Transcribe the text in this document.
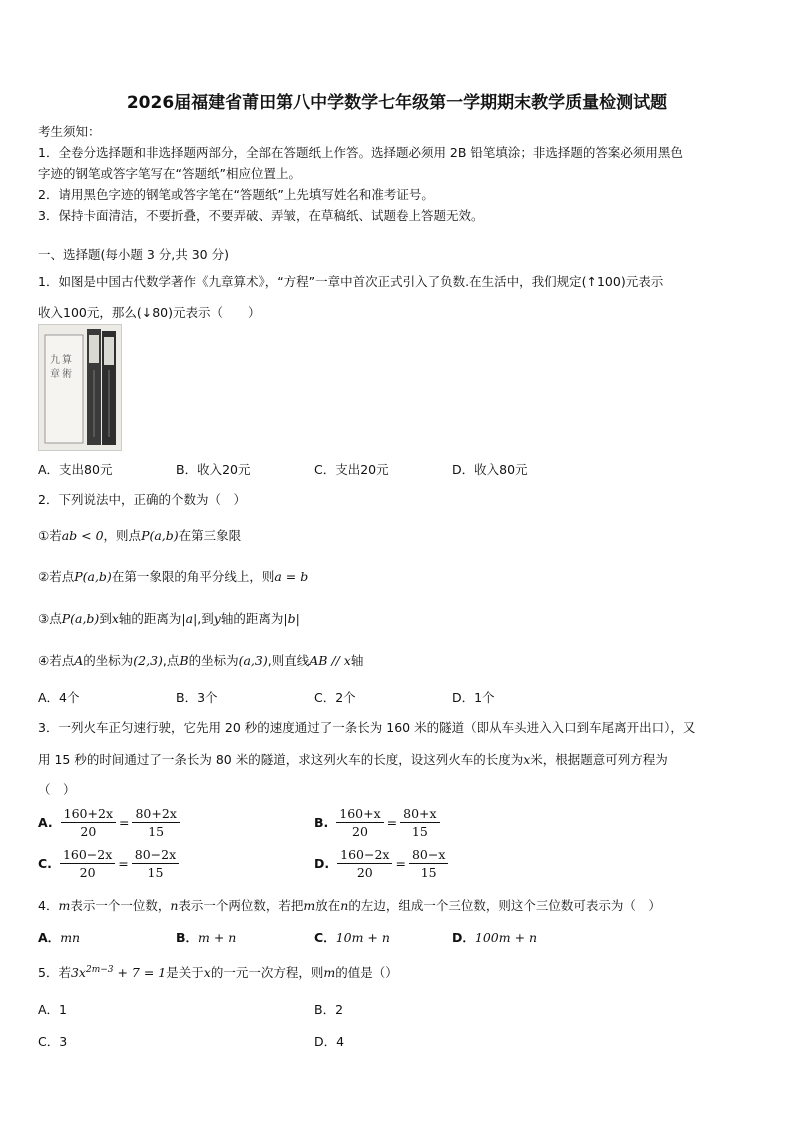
2026届福建省莆田第八中学数学七年级第一学期期末教学质量检测试题
考生须知：
1．全卷分选择题和非选择题两部分，全部在答题纸上作答。选择题必须用 2B 铅笔填涂；非选择题的答案必须用黑色
字迹的钢笔或答字笔写在“答题纸”相应位置上。
2．请用黑色字迹的钢笔或答字笔在“答题纸”上先填写姓名和准考证号。
3．保持卡面清洁，不要折叠，不要弄破、弄皱，在草稿纸、试题卷上答题无效。
一、选择题(每小题 3 分,共 30 分)
1．如图是中国古代数学著作《九章算术》，“方程”一章中首次正式引入了负数.在生活中，我们规定(↑100)元表示
收入100元，那么(↓80)元表示（　　）
九
章
算
術
A．支出80元	B．收入20元	C．支出20元	D．收入80元
2．下列说法中，正确的个数为（　）
①若ab < 0，则点P(a,b)在第三象限
②若点P(a,b)在第一象限的角平分线上，则a = b
③点P(a,b)到x轴的距离为|a|,到y轴的距离为|b|
④若点A的坐标为(2,3),点B的坐标为(a,3),则直线AB // x轴
A．4个	B．3个	C．2个	D．1个
3．一列火车正匀速行驶，它先用 20 秒的速度通过了一条长为 160 米的隧道（即从车头进入入口到车尾离开出口），又
用 15 秒的时间通过了一条长为 80 米的隧道，求这列火车的长度，设这列火车的长度为x米，根据题意可列方程为
（　）
A. $\frac{160+2x}{20} = \frac{80+2x}{15}$	B. $\frac{160+x}{20} = \frac{80+x}{15}$
C. $\frac{160-2x}{20} = \frac{80-2x}{15}$	D. $\frac{160-2x}{20} = \frac{80-x}{15}$
4．m表示一个一位数，n表示一个两位数，若把m放在n的左边，组成一个三位数，则这个三位数可表示为（　）
A．mn	B．m + n	C．10m + n	D．100m + n
5．若$3x^{2m-3} + 7 = 1$是关于x的一元一次方程，则m的值是（）
A．1	B．2
C．3	D．4
